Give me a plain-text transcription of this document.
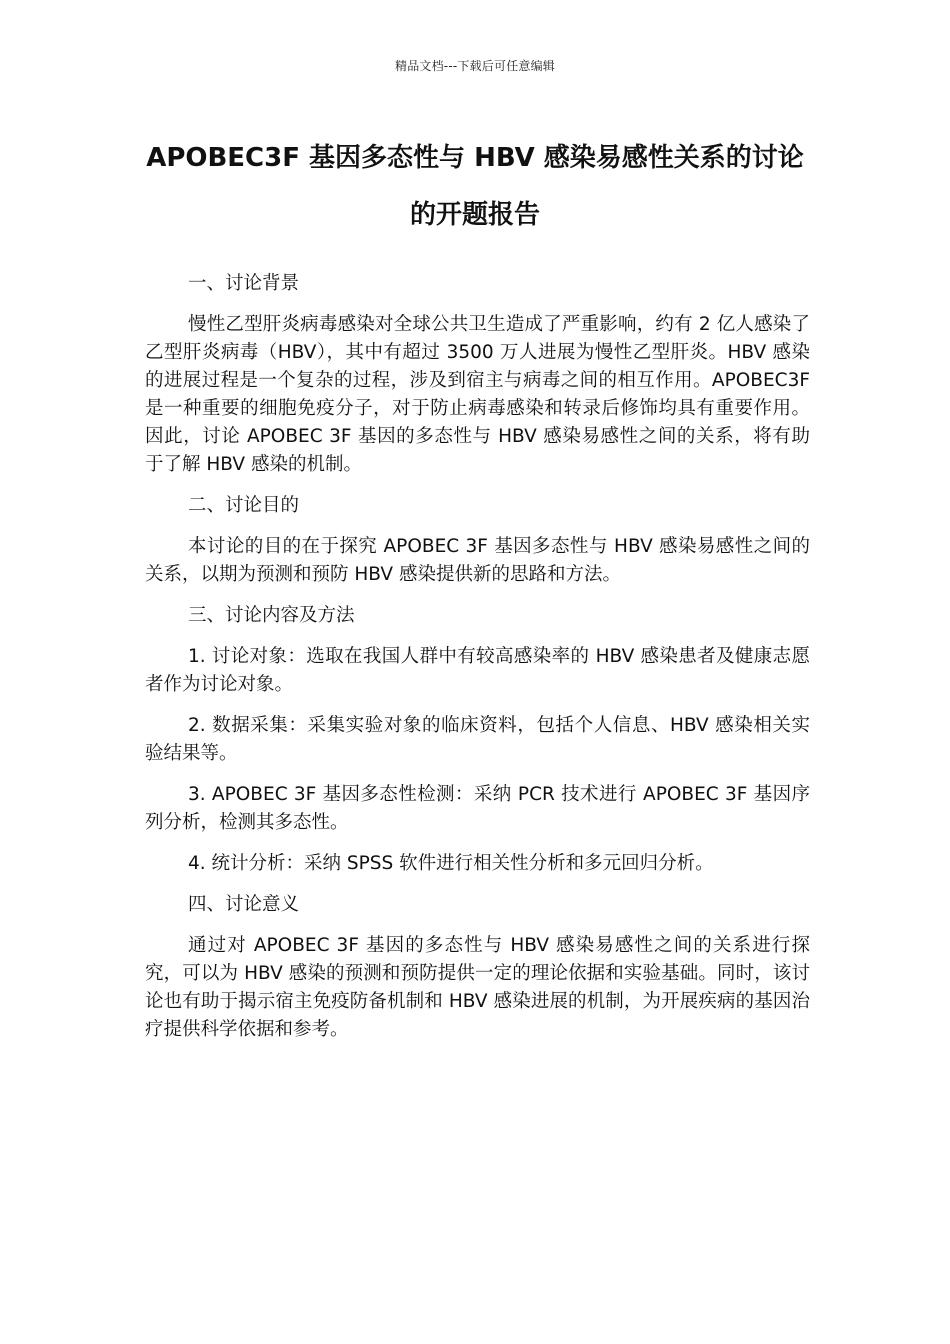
精品文档---下载后可任意编辑
APOBEC3F 基因多态性与 HBV 感染易感性关系的讨论的开题报告

一、讨论背景

慢性乙型肝炎病毒感染对全球公共卫生造成了严重影响，约有 2 亿人感染了乙型肝炎病毒（HBV），其中有超过 3500 万人进展为慢性乙型肝炎。HBV 感染的进展过程是一个复杂的过程，涉及到宿主与病毒之间的相互作用。APOBEC3F 是一种重要的细胞免疫分子，对于防止病毒感染和转录后修饰均具有重要作用。因此，讨论 APOBEC 3F 基因的多态性与 HBV 感染易感性之间的关系，将有助于了解 HBV 感染的机制。

二、讨论目的

本讨论的目的在于探究 APOBEC 3F 基因多态性与 HBV 感染易感性之间的关系，以期为预测和预防 HBV 感染提供新的思路和方法。

三、讨论内容及方法

1. 讨论对象：选取在我国人群中有较高感染率的 HBV 感染患者及健康志愿者作为讨论对象。

2. 数据采集：采集实验对象的临床资料，包括个人信息、HBV 感染相关实验结果等。

3. APOBEC 3F 基因多态性检测：采纳 PCR 技术进行 APOBEC 3F 基因序列分析，检测其多态性。

4. 统计分析：采纳 SPSS 软件进行相关性分析和多元回归分析。

四、讨论意义

通过对 APOBEC 3F 基因的多态性与 HBV 感染易感性之间的关系进行探究，可以为 HBV 感染的预测和预防提供一定的理论依据和实验基础。同时，该讨论也有助于揭示宿主免疫防备机制和 HBV 感染进展的机制，为开展疾病的基因治疗提供科学依据和参考。
